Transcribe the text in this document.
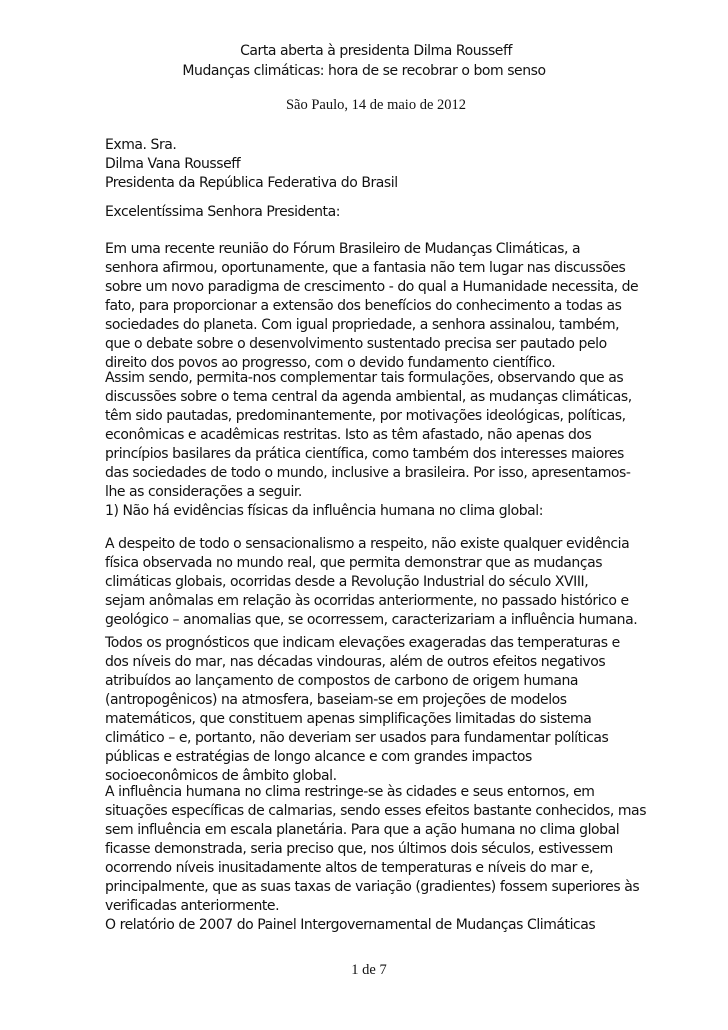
Carta aberta à presidenta Dilma Rousseff
Mudanças climáticas: hora de se recobrar o bom senso
São Paulo, 14 de maio de 2012
Exma. Sra.
Dilma Vana Rousseff
Presidenta da República Federativa do Brasil
Excelentíssima Senhora Presidenta:
Em uma recente reunião do Fórum Brasileiro de Mudanças Climáticas, a
senhora afirmou, oportunamente, que a fantasia não tem lugar nas discussões
sobre um novo paradigma de crescimento - do qual a Humanidade necessita, de
fato, para proporcionar a extensão dos benefícios do conhecimento a todas as
sociedades do planeta. Com igual propriedade, a senhora assinalou, também,
que o debate sobre o desenvolvimento sustentado precisa ser pautado pelo
direito dos povos ao progresso, com o devido fundamento científico.
Assim sendo, permita-nos complementar tais formulações, observando que as
discussões sobre o tema central da agenda ambiental, as mudanças climáticas,
têm sido pautadas, predominantemente, por motivações ideológicas, políticas,
econômicas e acadêmicas restritas. Isto as têm afastado, não apenas dos
princípios basilares da prática científica, como também dos interesses maiores
das sociedades de todo o mundo, inclusive a brasileira. Por isso, apresentamos-
lhe as considerações a seguir.
1) Não há evidências físicas da influência humana no clima global:
A despeito de todo o sensacionalismo a respeito, não existe qualquer evidência
física observada no mundo real, que permita demonstrar que as mudanças
climáticas globais, ocorridas desde a Revolução Industrial do século XVIII,
sejam anômalas em relação às ocorridas anteriormente, no passado histórico e
geológico – anomalias que, se ocorressem, caracterizariam a influência humana.
Todos os prognósticos que indicam elevações exageradas das temperaturas e
dos níveis do mar, nas décadas vindouras, além de outros efeitos negativos
atribuídos ao lançamento de compostos de carbono de origem humana
(antropogênicos) na atmosfera, baseiam-se em projeções de modelos
matemáticos, que constituem apenas simplificações limitadas do sistema
climático – e, portanto, não deveriam ser usados para fundamentar políticas
públicas e estratégias de longo alcance e com grandes impactos
socioeconômicos de âmbito global.
A influência humana no clima restringe-se às cidades e seus entornos, em
situações específicas de calmarias, sendo esses efeitos bastante conhecidos, mas
sem influência em escala planetária. Para que a ação humana no clima global
ficasse demonstrada, seria preciso que, nos últimos dois séculos, estivessem
ocorrendo níveis inusitadamente altos de temperaturas e níveis do mar e,
principalmente, que as suas taxas de variação (gradientes) fossem superiores às
verificadas anteriormente.
O relatório de 2007 do Painel Intergovernamental de Mudanças Climáticas
1 de 7
